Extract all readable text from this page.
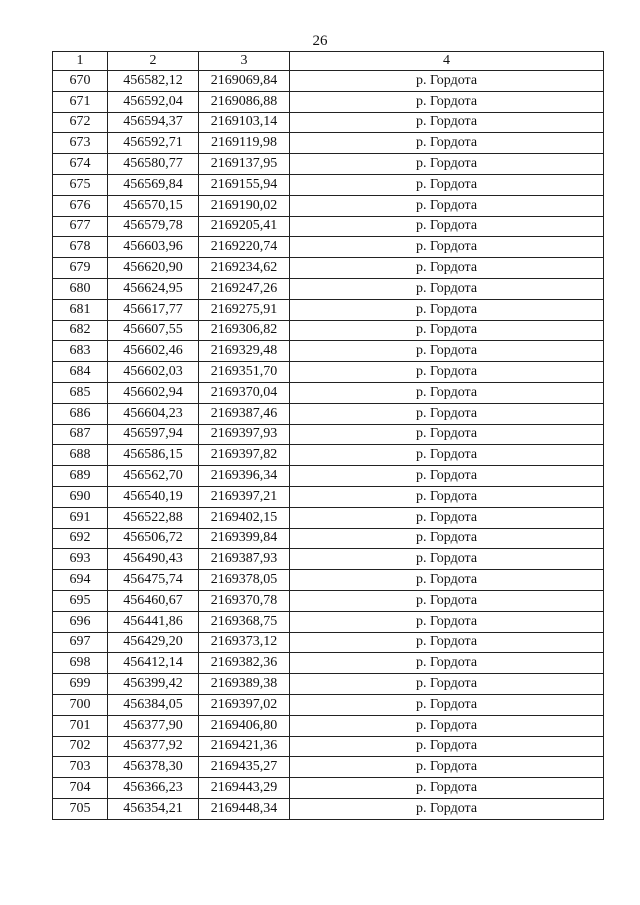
26
1	2	3	4
670	456582,12	2169069,84	р. Гордота
671	456592,04	2169086,88	р. Гордота
672	456594,37	2169103,14	р. Гордота
673	456592,71	2169119,98	р. Гордота
674	456580,77	2169137,95	р. Гордота
675	456569,84	2169155,94	р. Гордота
676	456570,15	2169190,02	р. Гордота
677	456579,78	2169205,41	р. Гордота
678	456603,96	2169220,74	р. Гордота
679	456620,90	2169234,62	р. Гордота
680	456624,95	2169247,26	р. Гордота
681	456617,77	2169275,91	р. Гордота
682	456607,55	2169306,82	р. Гордота
683	456602,46	2169329,48	р. Гордота
684	456602,03	2169351,70	р. Гордота
685	456602,94	2169370,04	р. Гордота
686	456604,23	2169387,46	р. Гордота
687	456597,94	2169397,93	р. Гордота
688	456586,15	2169397,82	р. Гордота
689	456562,70	2169396,34	р. Гордота
690	456540,19	2169397,21	р. Гордота
691	456522,88	2169402,15	р. Гордота
692	456506,72	2169399,84	р. Гордота
693	456490,43	2169387,93	р. Гордота
694	456475,74	2169378,05	р. Гордота
695	456460,67	2169370,78	р. Гордота
696	456441,86	2169368,75	р. Гордота
697	456429,20	2169373,12	р. Гордота
698	456412,14	2169382,36	р. Гордота
699	456399,42	2169389,38	р. Гордота
700	456384,05	2169397,02	р. Гордота
701	456377,90	2169406,80	р. Гордота
702	456377,92	2169421,36	р. Гордота
703	456378,30	2169435,27	р. Гордота
704	456366,23	2169443,29	р. Гордота
705	456354,21	2169448,34	р. Гордота
